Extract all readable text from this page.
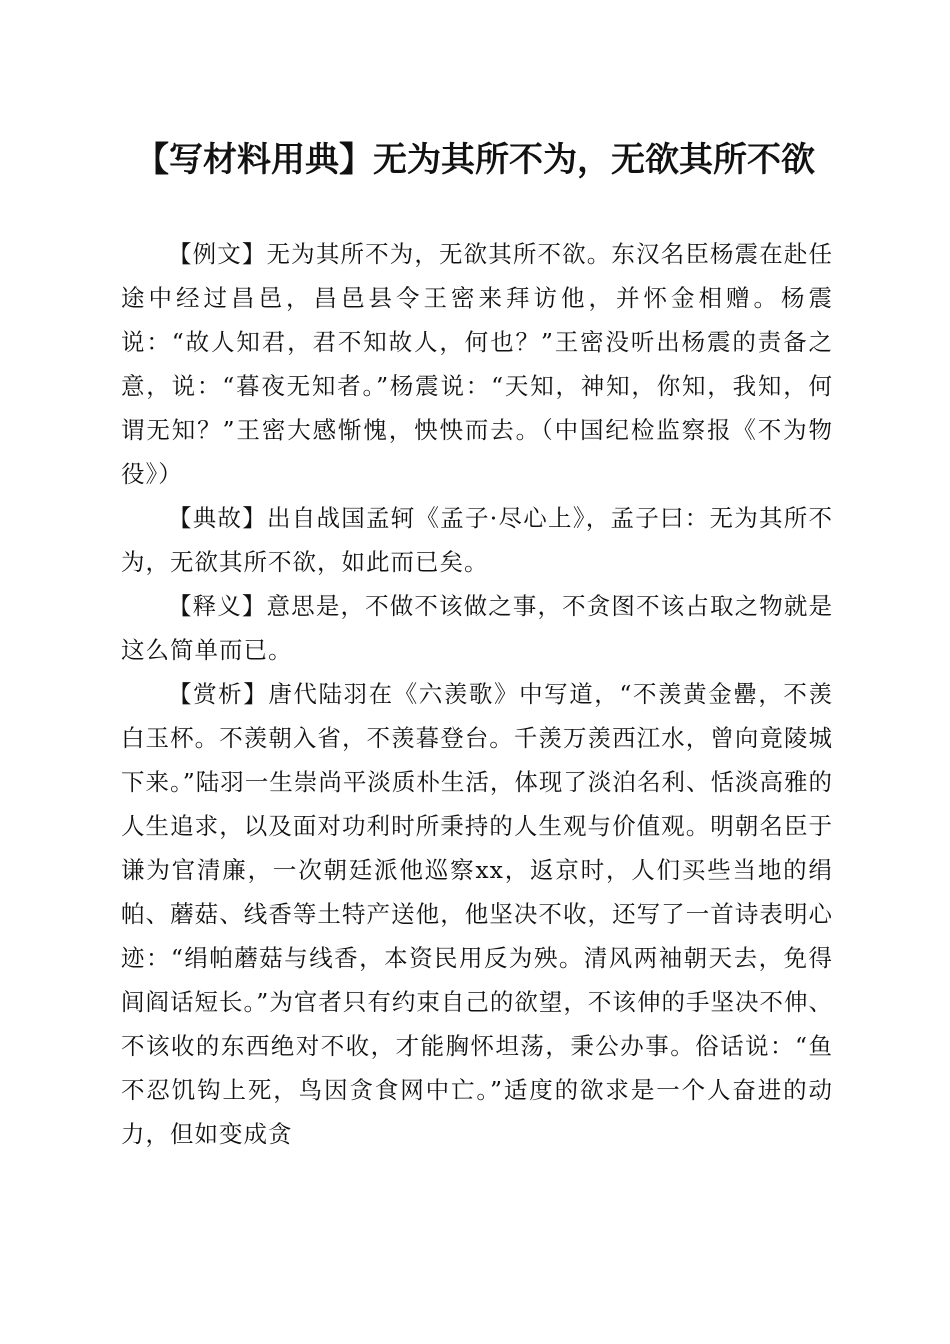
【写材料用典】无为其所不为，无欲其所不欲

【例文】无为其所不为，无欲其所不欲。东汉名臣杨震在赴任途中经过昌邑，昌邑县令王密来拜访他，并怀金相赠。杨震说：“故人知君，君不知故人，何也？”王密没听出杨震的责备之意，说：“暮夜无知者。”杨震说：“天知，神知，你知，我知，何谓无知？”王密大感惭愧，怏怏而去。（中国纪检监察报《不为物役》）

【典故】出自战国孟轲《孟子·尽心上》，孟子曰：无为其所不为，无欲其所不欲，如此而已矣。

【释义】意思是，不做不该做之事，不贪图不该占取之物就是这么简单而已。

【赏析】唐代陆羽在《六羡歌》中写道，“不羡黄金罍，不羡白玉杯。不羡朝入省，不羡暮登台。千羡万羡西江水，曾向竟陵城下来。”陆羽一生崇尚平淡质朴生活，体现了淡泊名利、恬淡高雅的人生追求，以及面对功利时所秉持的人生观与价值观。明朝名臣于谦为官清廉，一次朝廷派他巡察xx，返京时，人们买些当地的绢帕、蘑菇、线香等土特产送他，他坚决不收，还写了一首诗表明心迹：“绢帕蘑菇与线香，本资民用反为殃。清风两袖朝天去，免得闾阎话短长。”为官者只有约束自己的欲望，不该伸的手坚决不伸、不该收的东西绝对不收，才能胸怀坦荡，秉公办事。俗话说：“鱼不忍饥钩上死，鸟因贪食网中亡。”适度的欲求是一个人奋进的动力，但如变成贪
